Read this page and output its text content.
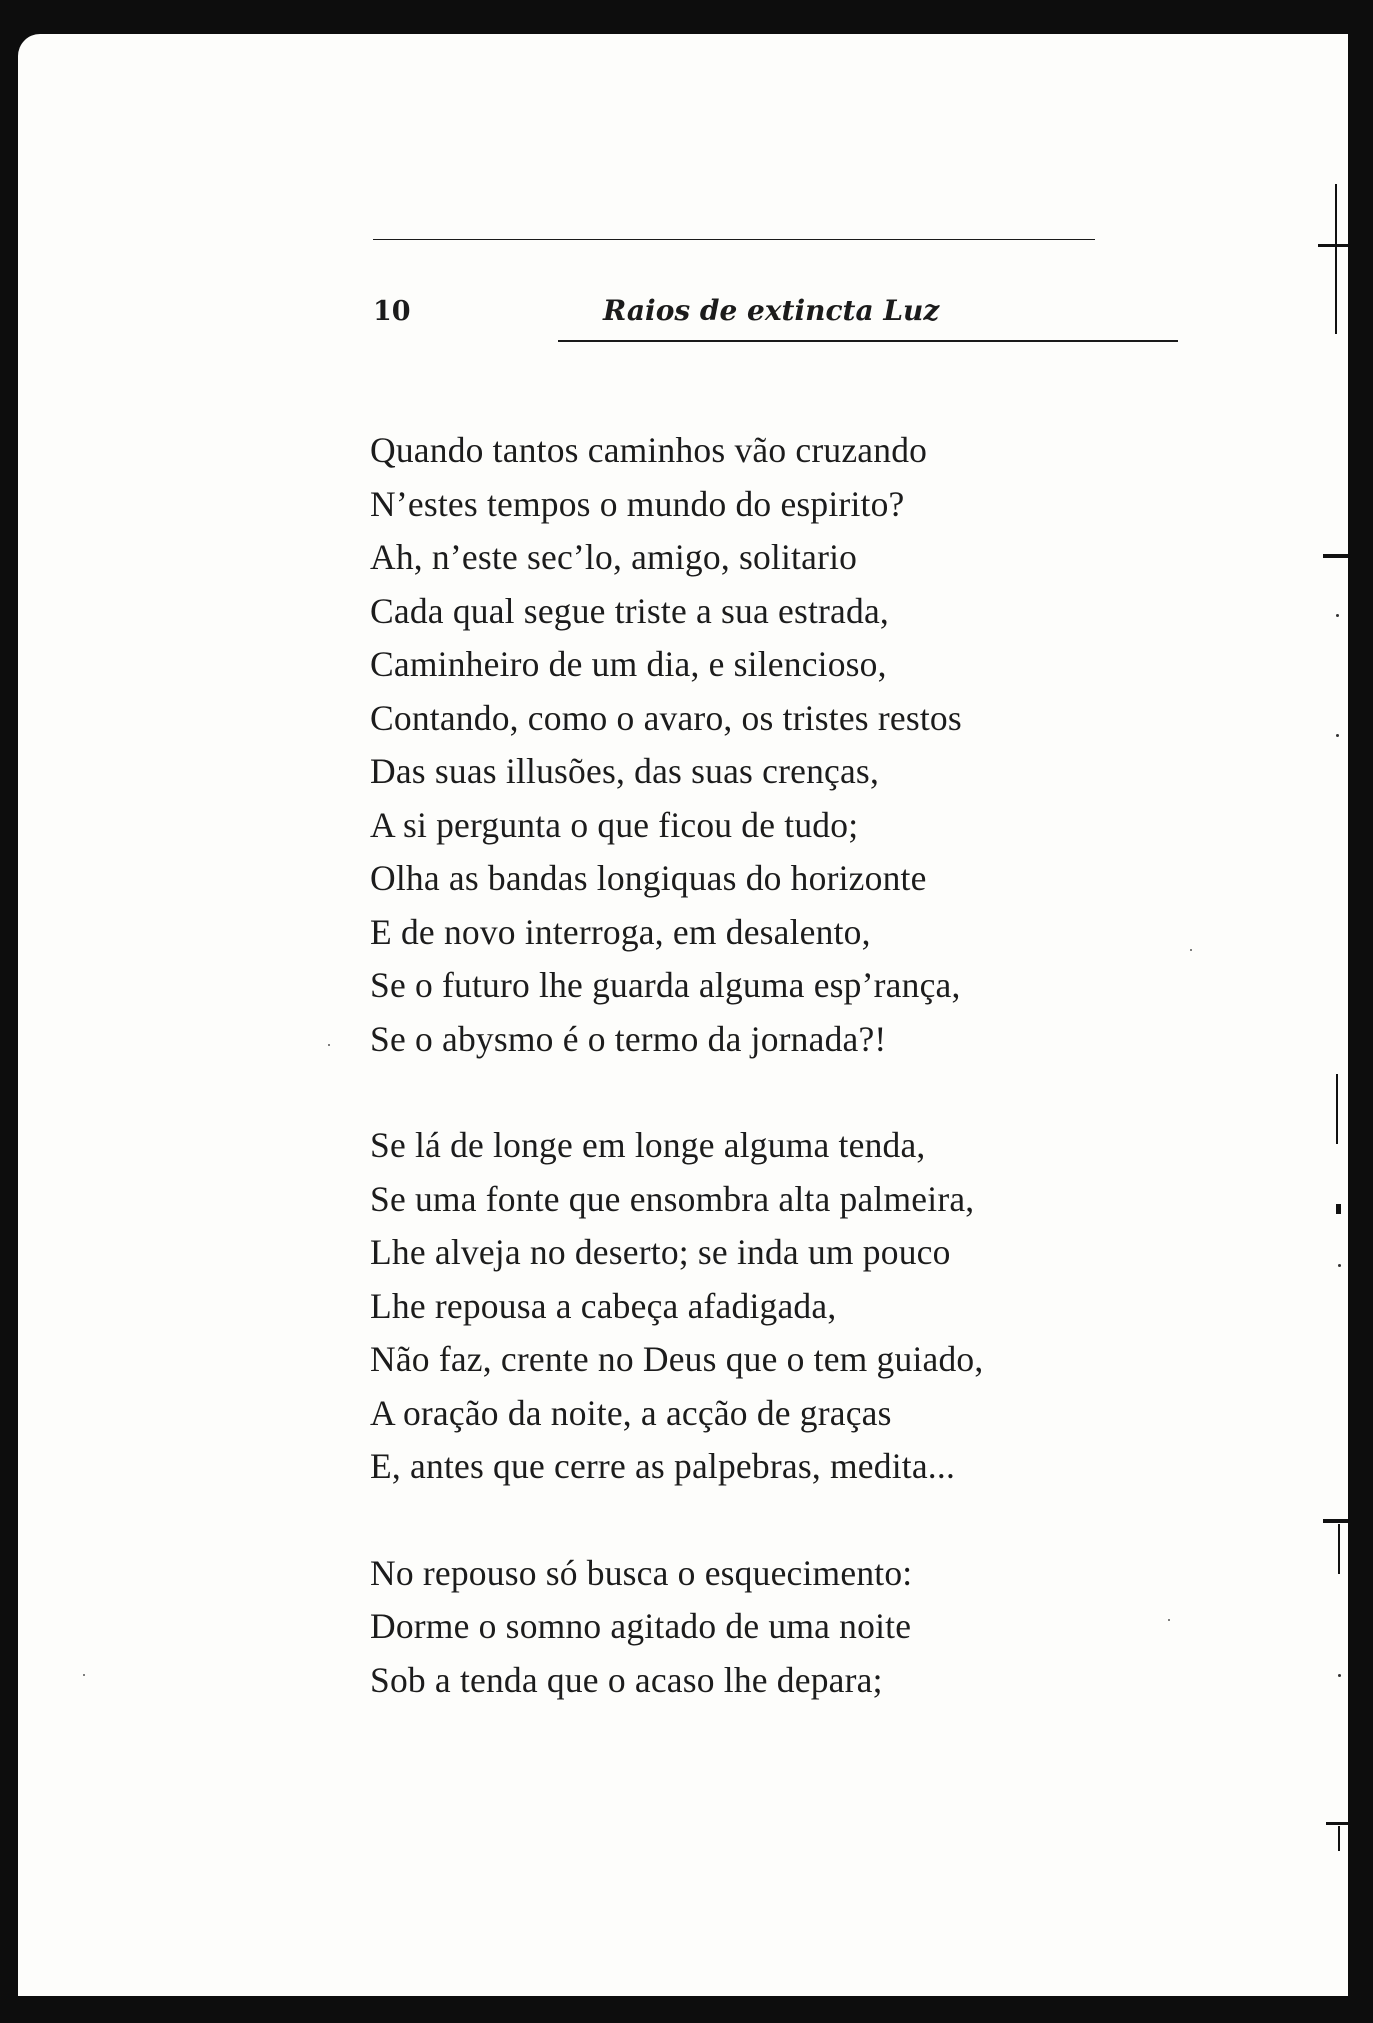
10	Raios de extincta Luz
Quando tantos caminhos vão cruzando
N’estes tempos o mundo do espirito?
Ah, n’este sec’lo, amigo, solitario
Cada qual segue triste a sua estrada,
Caminheiro de um dia, e silencioso,
Contando, como o avaro, os tristes restos
Das suas illusões, das suas crenças,
A si pergunta o que ficou de tudo;
Olha as bandas longiquas do horizonte
E de novo interroga, em desalento,
Se o futuro lhe guarda alguma esp’rança,
Se o abysmo é o termo da jornada?!
Se lá de longe em longe alguma tenda,
Se uma fonte que ensombra alta palmeira,
Lhe alveja no deserto; se inda um pouco
Lhe repousa a cabeça afadigada,
Não faz, crente no Deus que o tem guiado,
A oração da noite, a acção de graças
E, antes que cerre as palpebras, medita...
No repouso só busca o esquecimento:
Dorme o somno agitado de uma noite
Sob a tenda que o acaso lhe depara;
